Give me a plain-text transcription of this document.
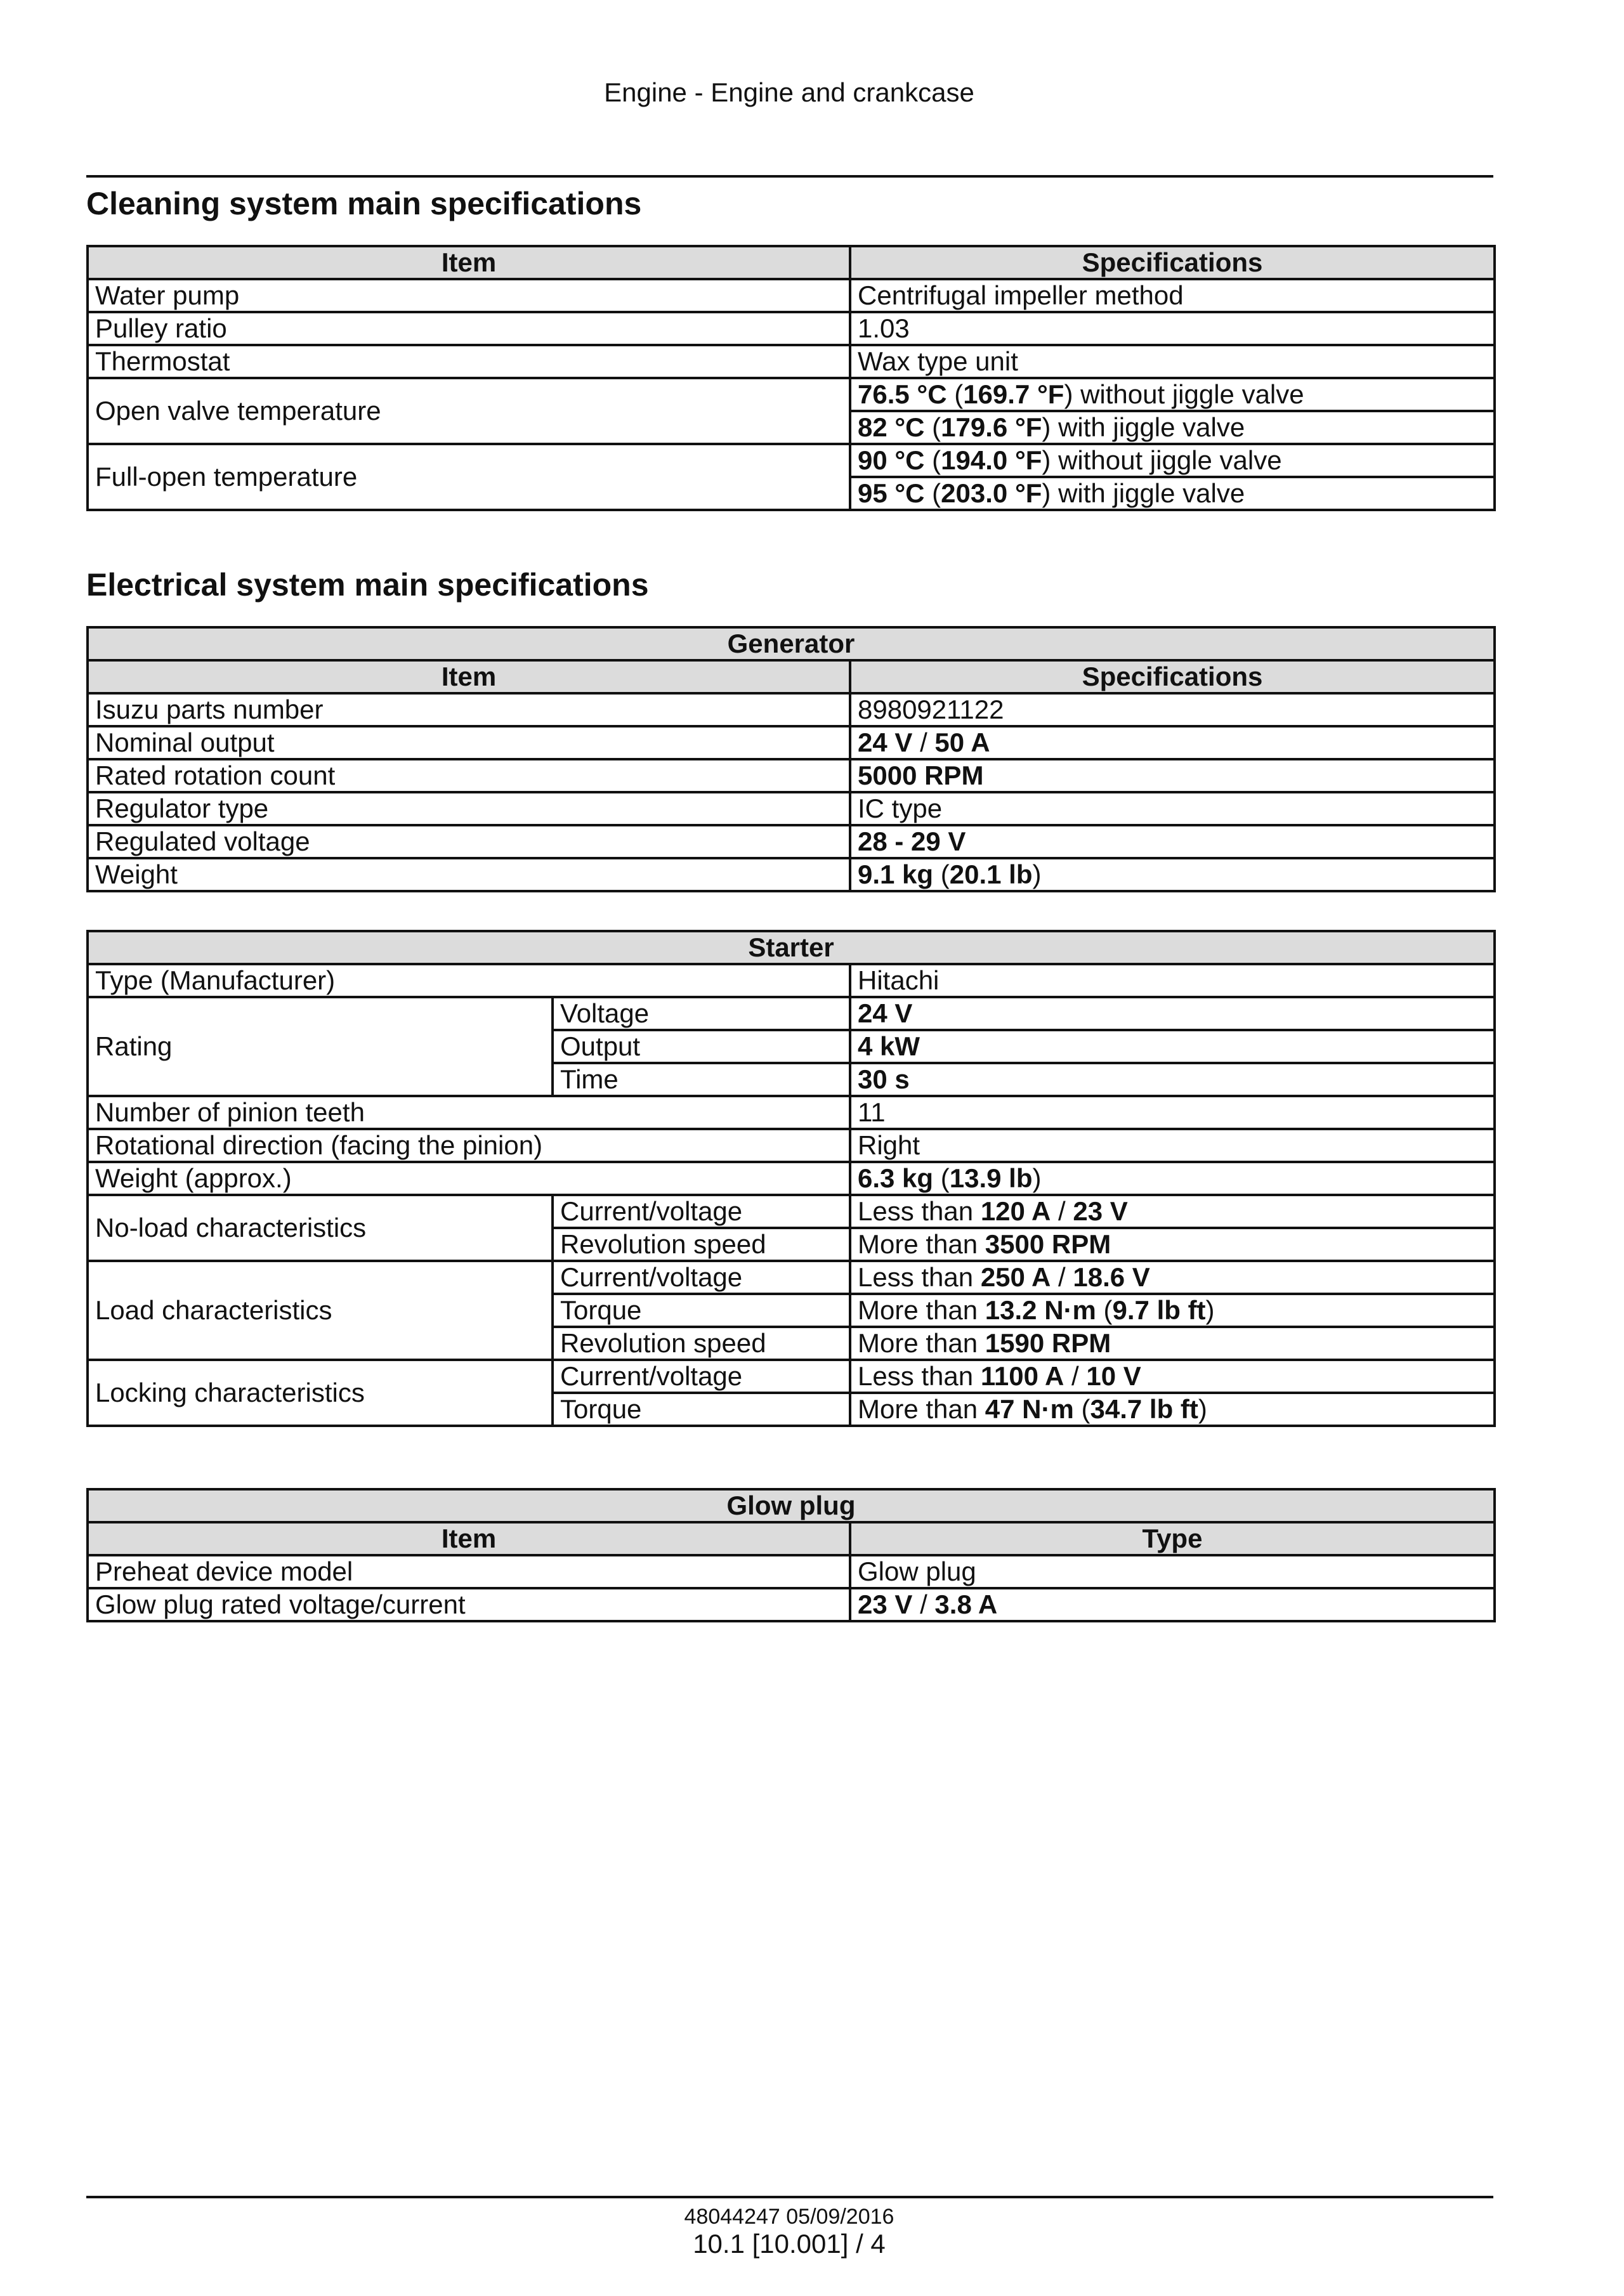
Engine - Engine and crankcase
Cleaning system main specifications
Item	Specifications
Water pump	Centrifugal impeller method
Pulley ratio	1.03
Thermostat	Wax type unit
Open valve temperature	76.5 °C (169.7 °F) without jiggle valve
	82 °C (179.6 °F) with jiggle valve
Full-open temperature	90 °C (194.0 °F) without jiggle valve
	95 °C (203.0 °F) with jiggle valve
Electrical system main specifications
Generator	
Item	Specifications
Isuzu parts number	8980921122
Nominal output	24 V / 50 A
Rated rotation count	5000 RPM
Regulator type	IC type
Regulated voltage	28 - 29 V
Weight	9.1 kg (20.1 lb)
Starter		
Type (Manufacturer)		Hitachi
Rating	Voltage	24 V
	Output	4 kW
	Time	30 s
Number of pinion teeth		11
Rotational direction (facing the pinion)		Right
Weight (approx.)		6.3 kg (13.9 lb)
No-load characteristics	Current/voltage	Less than 120 A / 23 V
	Revolution speed	More than 3500 RPM
Load characteristics	Current/voltage	Less than 250 A / 18.6 V
	Torque	More than 13.2 N·m (9.7 lb ft)
	Revolution speed	More than 1590 RPM
Locking characteristics	Current/voltage	Less than 1100 A / 10 V
	Torque	More than 47 N·m (34.7 lb ft)
Glow plug	
Item	Type
Preheat device model	Glow plug
Glow plug rated voltage/current	23 V / 3.8 A
48044247 05/09/2016
10.1 [10.001] / 4
